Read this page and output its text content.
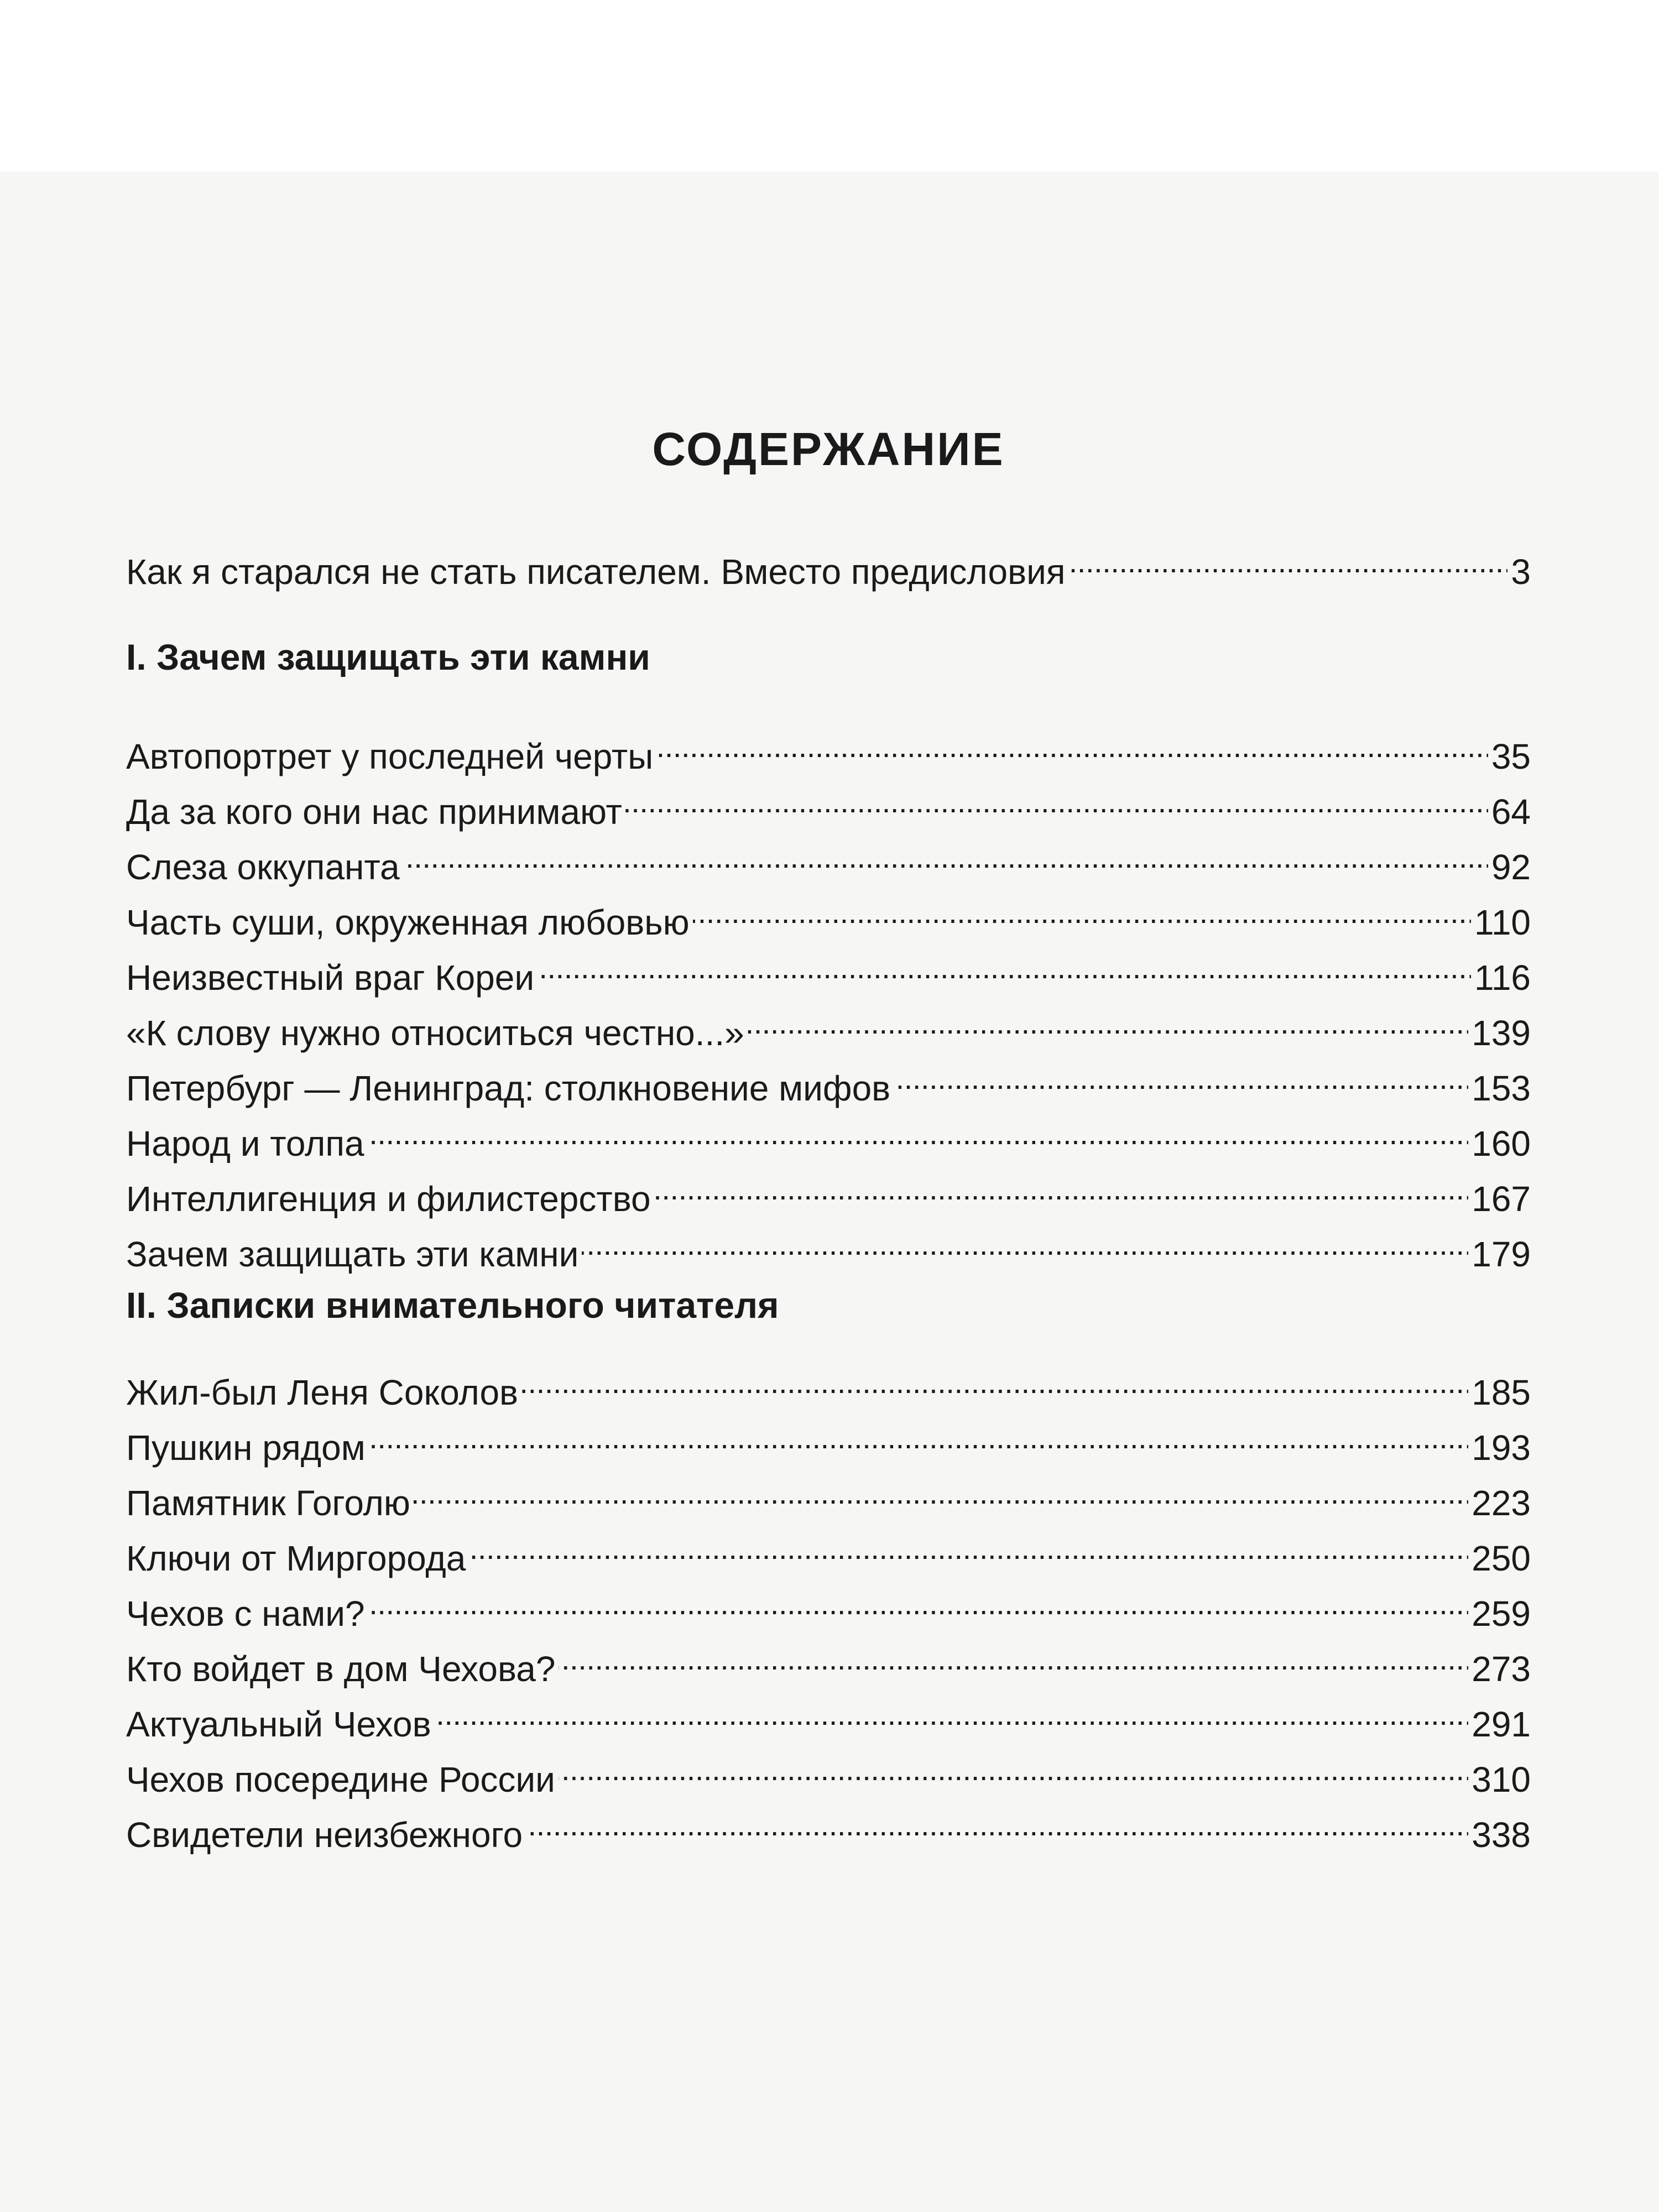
СОДЕРЖАНИЕ
Как я старался не стать писателем. Вместо предисловия . . .	3
I. Зачем защищать эти камни
Автопортрет у последней черты . . .	35
Да за кого они нас принимают . . .	64
Слеза оккупанта . . .	92
Часть суши, окруженная любовью . . .	110
Неизвестный враг Кореи . . .	116
«К слову нужно относиться честно...» . . .	139
Петербург — Ленинград: столкновение мифов . . .	153
Народ и толпа . . .	160
Интеллигенция и филистерство . . .	167
Зачем защищать эти камни . . .	179
II. Записки внимательного читателя
Жил-был Леня Соколов . . .	185
Пушкин рядом . . .	193
Памятник Гоголю . . .	223
Ключи от Миргорода . . .	250
Чехов с нами? . . .	259
Кто войдет в дом Чехова? . . .	273
Актуальный Чехов . . .	291
Чехов посередине России . . .	310
Свидетели неизбежного . . .	338
